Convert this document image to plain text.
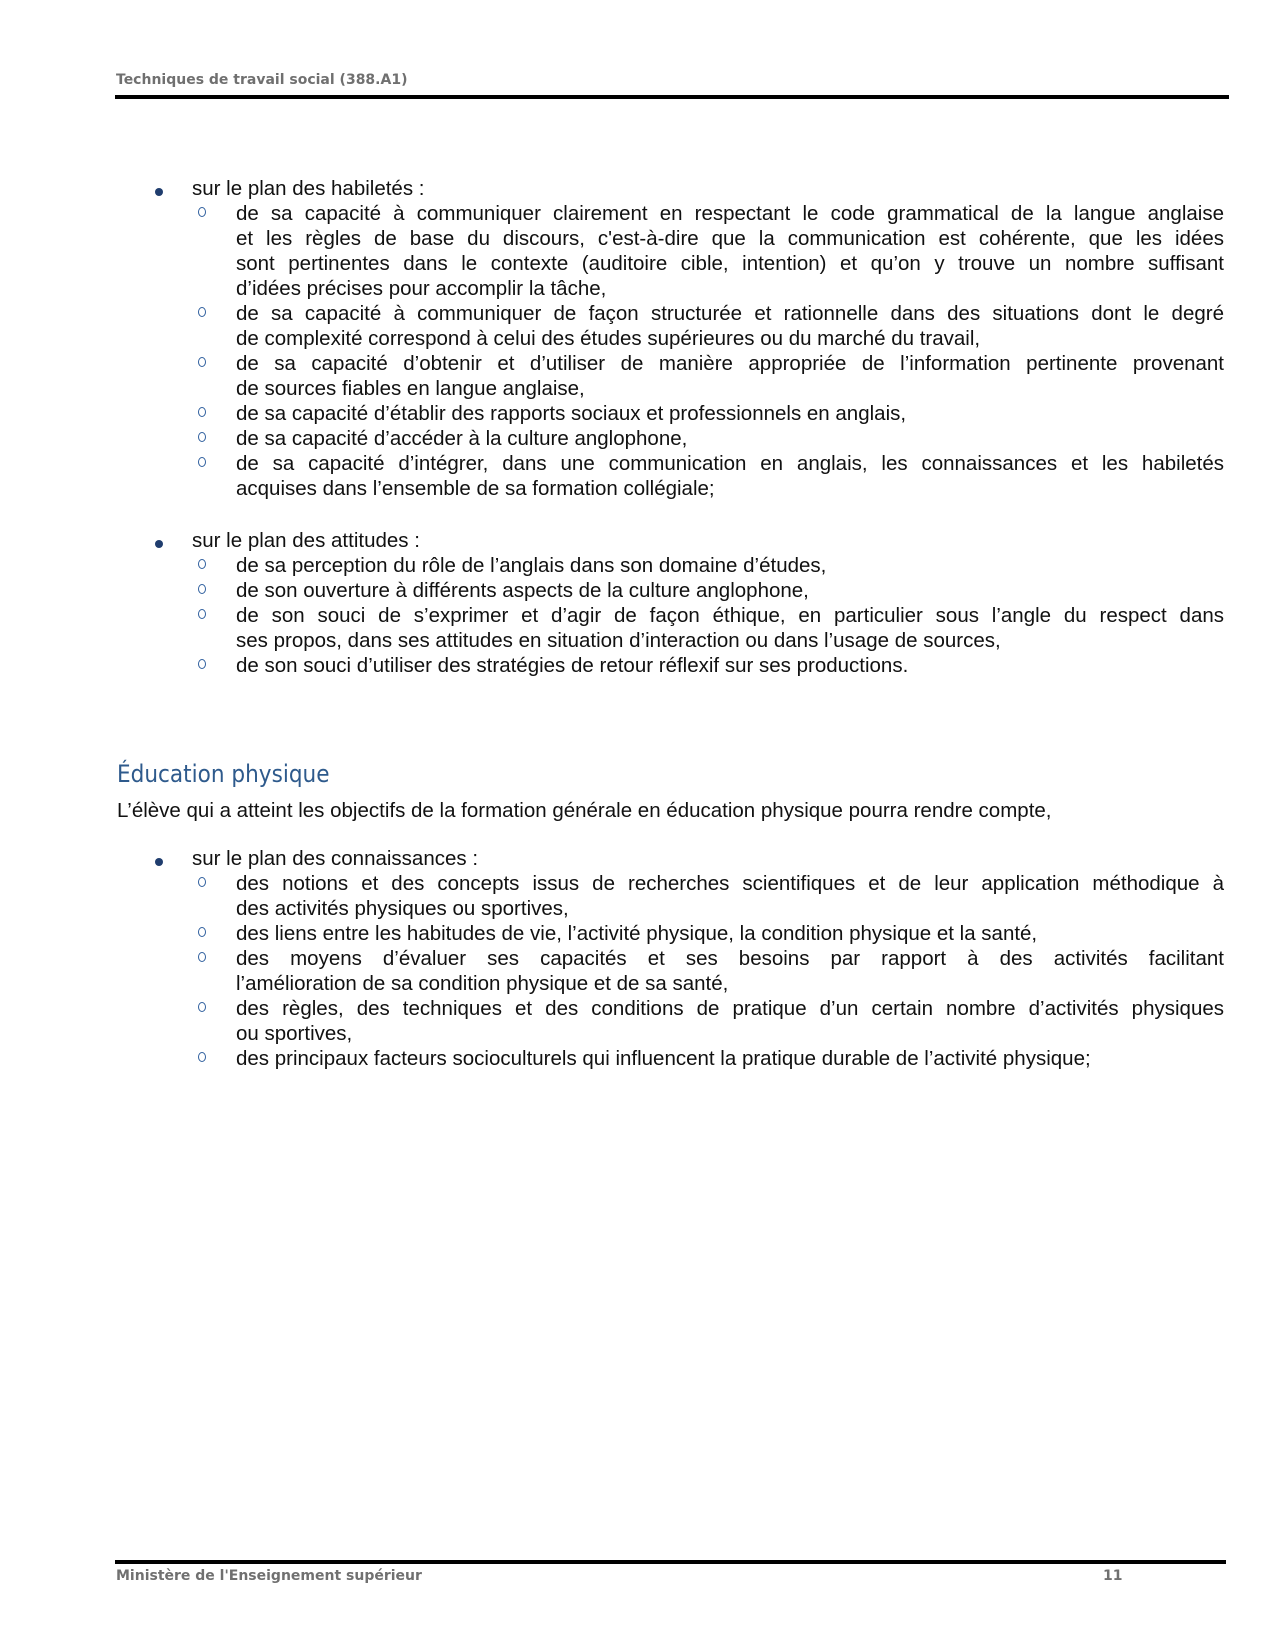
Techniques de travail social (388.A1)
sur le plan des habiletés :
de sa capacité à communiquer clairement en respectant le code grammatical de la langue anglaise
et les règles de base du discours, c'est-à-dire que la communication est cohérente, que les idées
sont pertinentes dans le contexte (auditoire cible, intention) et qu’on y trouve un nombre suffisant
d’idées précises pour accomplir la tâche,
de sa capacité à communiquer de façon structurée et rationnelle dans des situations dont le degré
de complexité correspond à celui des études supérieures ou du marché du travail,
de sa capacité d’obtenir et d’utiliser de manière appropriée de l’information pertinente provenant
de sources fiables en langue anglaise,
de sa capacité d’établir des rapports sociaux et professionnels en anglais,
de sa capacité d’accéder à la culture anglophone,
de sa capacité d’intégrer, dans une communication en anglais, les connaissances et les habiletés
acquises dans l’ensemble de sa formation collégiale;
sur le plan des attitudes :
de sa perception du rôle de l’anglais dans son domaine d’études,
de son ouverture à différents aspects de la culture anglophone,
de son souci de s’exprimer et d’agir de façon éthique, en particulier sous l’angle du respect dans
ses propos, dans ses attitudes en situation d’interaction ou dans l’usage de sources,
de son souci d’utiliser des stratégies de retour réflexif sur ses productions.
Éducation physique
L’élève qui a atteint les objectifs de la formation générale en éducation physique pourra rendre compte,
sur le plan des connaissances :
des notions et des concepts issus de recherches scientifiques et de leur application méthodique à
des activités physiques ou sportives,
des liens entre les habitudes de vie, l’activité physique, la condition physique et la santé,
des moyens d’évaluer ses capacités et ses besoins par rapport à des activités facilitant
l’amélioration de sa condition physique et de sa santé,
des règles, des techniques et des conditions de pratique d’un certain nombre d’activités physiques
ou sportives,
des principaux facteurs socioculturels qui influencent la pratique durable de l’activité physique;
Ministère de l'Enseignement supérieur	11
